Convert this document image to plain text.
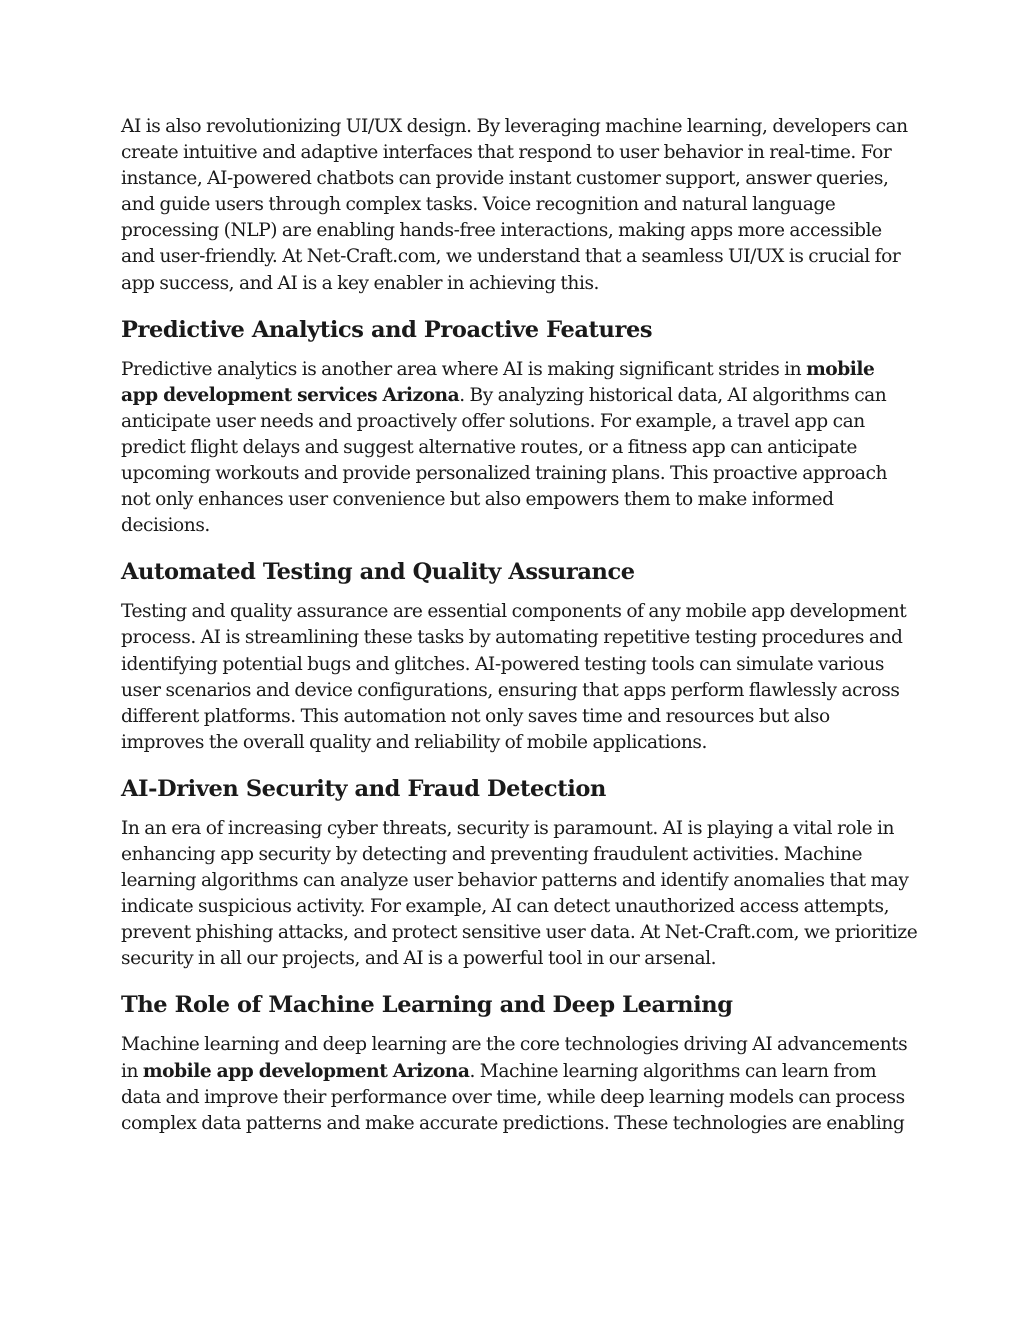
AI is also revolutionizing UI/UX design. By leveraging machine learning, developers can
create intuitive and adaptive interfaces that respond to user behavior in real-time. For
instance, AI-powered chatbots can provide instant customer support, answer queries,
and guide users through complex tasks. Voice recognition and natural language
processing (NLP) are enabling hands-free interactions, making apps more accessible
and user-friendly. At Net-Craft.com, we understand that a seamless UI/UX is crucial for
app success, and AI is a key enabler in achieving this.

Predictive Analytics and Proactive Features

Predictive analytics is another area where AI is making significant strides in mobile
app development services Arizona. By analyzing historical data, AI algorithms can
anticipate user needs and proactively offer solutions. For example, a travel app can
predict flight delays and suggest alternative routes, or a fitness app can anticipate
upcoming workouts and provide personalized training plans. This proactive approach
not only enhances user convenience but also empowers them to make informed
decisions.

Automated Testing and Quality Assurance

Testing and quality assurance are essential components of any mobile app development
process. AI is streamlining these tasks by automating repetitive testing procedures and
identifying potential bugs and glitches. AI-powered testing tools can simulate various
user scenarios and device configurations, ensuring that apps perform flawlessly across
different platforms. This automation not only saves time and resources but also
improves the overall quality and reliability of mobile applications.

AI-Driven Security and Fraud Detection

In an era of increasing cyber threats, security is paramount. AI is playing a vital role in
enhancing app security by detecting and preventing fraudulent activities. Machine
learning algorithms can analyze user behavior patterns and identify anomalies that may
indicate suspicious activity. For example, AI can detect unauthorized access attempts,
prevent phishing attacks, and protect sensitive user data. At Net-Craft.com, we prioritize
security in all our projects, and AI is a powerful tool in our arsenal.

The Role of Machine Learning and Deep Learning

Machine learning and deep learning are the core technologies driving AI advancements
in mobile app development Arizona. Machine learning algorithms can learn from
data and improve their performance over time, while deep learning models can process
complex data patterns and make accurate predictions. These technologies are enabling
